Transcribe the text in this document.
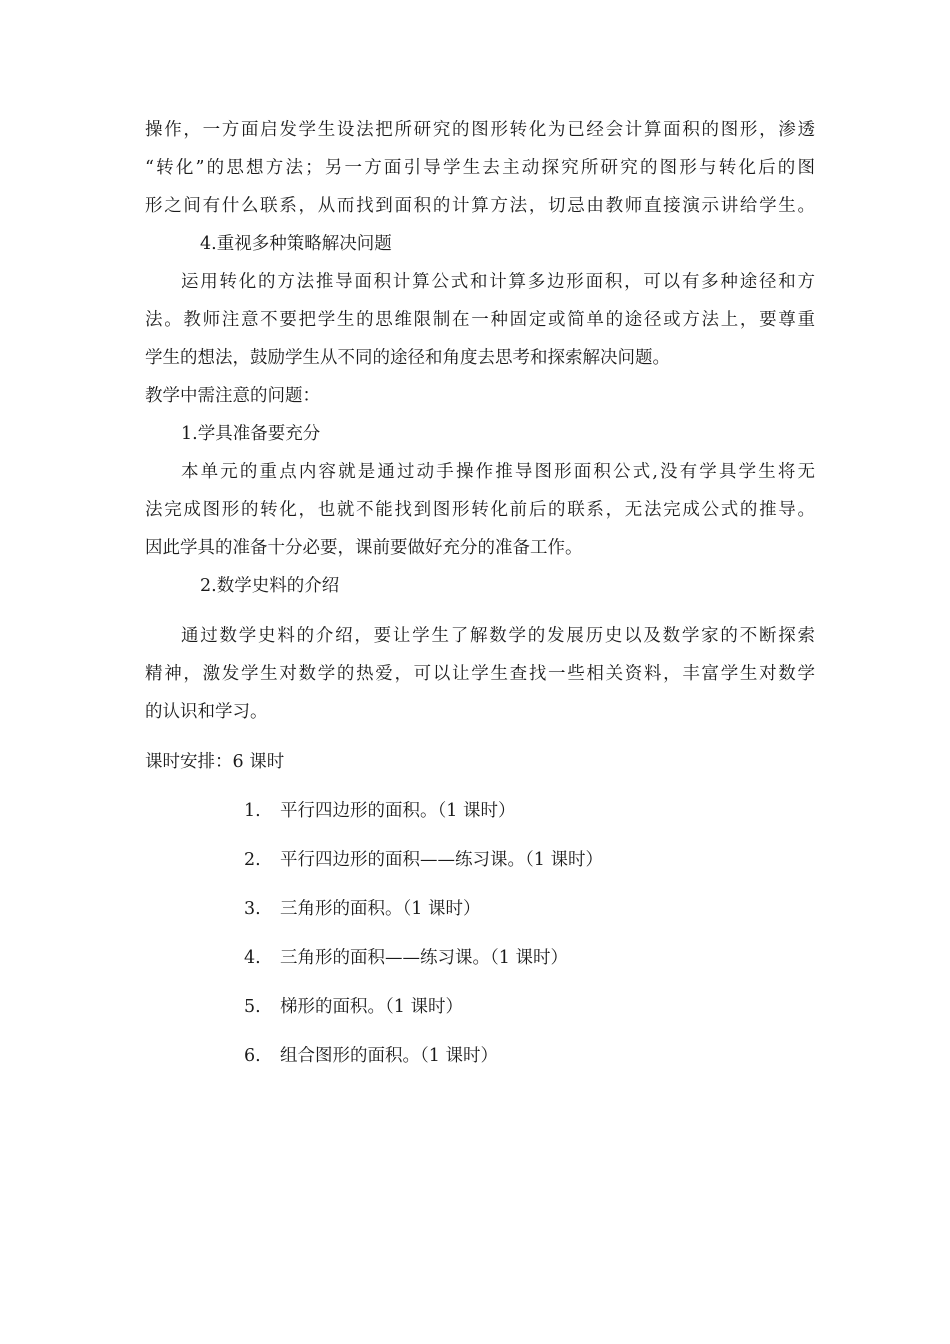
操作，一方面启发学生设法把所研究的图形转化为已经会计算面积的图形，渗透
“转化”的思想方法；另一方面引导学生去主动探究所研究的图形与转化后的图
形之间有什么联系，从而找到面积的计算方法，切忌由教师直接演示讲给学生。
4.重视多种策略解决问题
运用转化的方法推导面积计算公式和计算多边形面积，可以有多种途径和方
法。教师注意不要把学生的思维限制在一种固定或简单的途径或方法上，要尊重
学生的想法，鼓励学生从不同的途径和角度去思考和探索解决问题。
教学中需注意的问题：
1.学具准备要充分
本单元的重点内容就是通过动手操作推导图形面积公式,没有学具学生将无
法完成图形的转化，也就不能找到图形转化前后的联系，无法完成公式的推导。
因此学具的准备十分必要，课前要做好充分的准备工作。
2.数学史料的介绍
通过数学史料的介绍，要让学生了解数学的发展历史以及数学家的不断探索
精神，激发学生对数学的热爱，可以让学生查找一些相关资料，丰富学生对数学
的认识和学习。
课时安排：6 课时
1. 平行四边形的面积。（1 课时）
2. 平行四边形的面积——练习课。（1 课时）
3. 三角形的面积。（1 课时）
4. 三角形的面积——练习课。（1 课时）
5. 梯形的面积。（1 课时）
6. 组合图形的面积。（1 课时）
